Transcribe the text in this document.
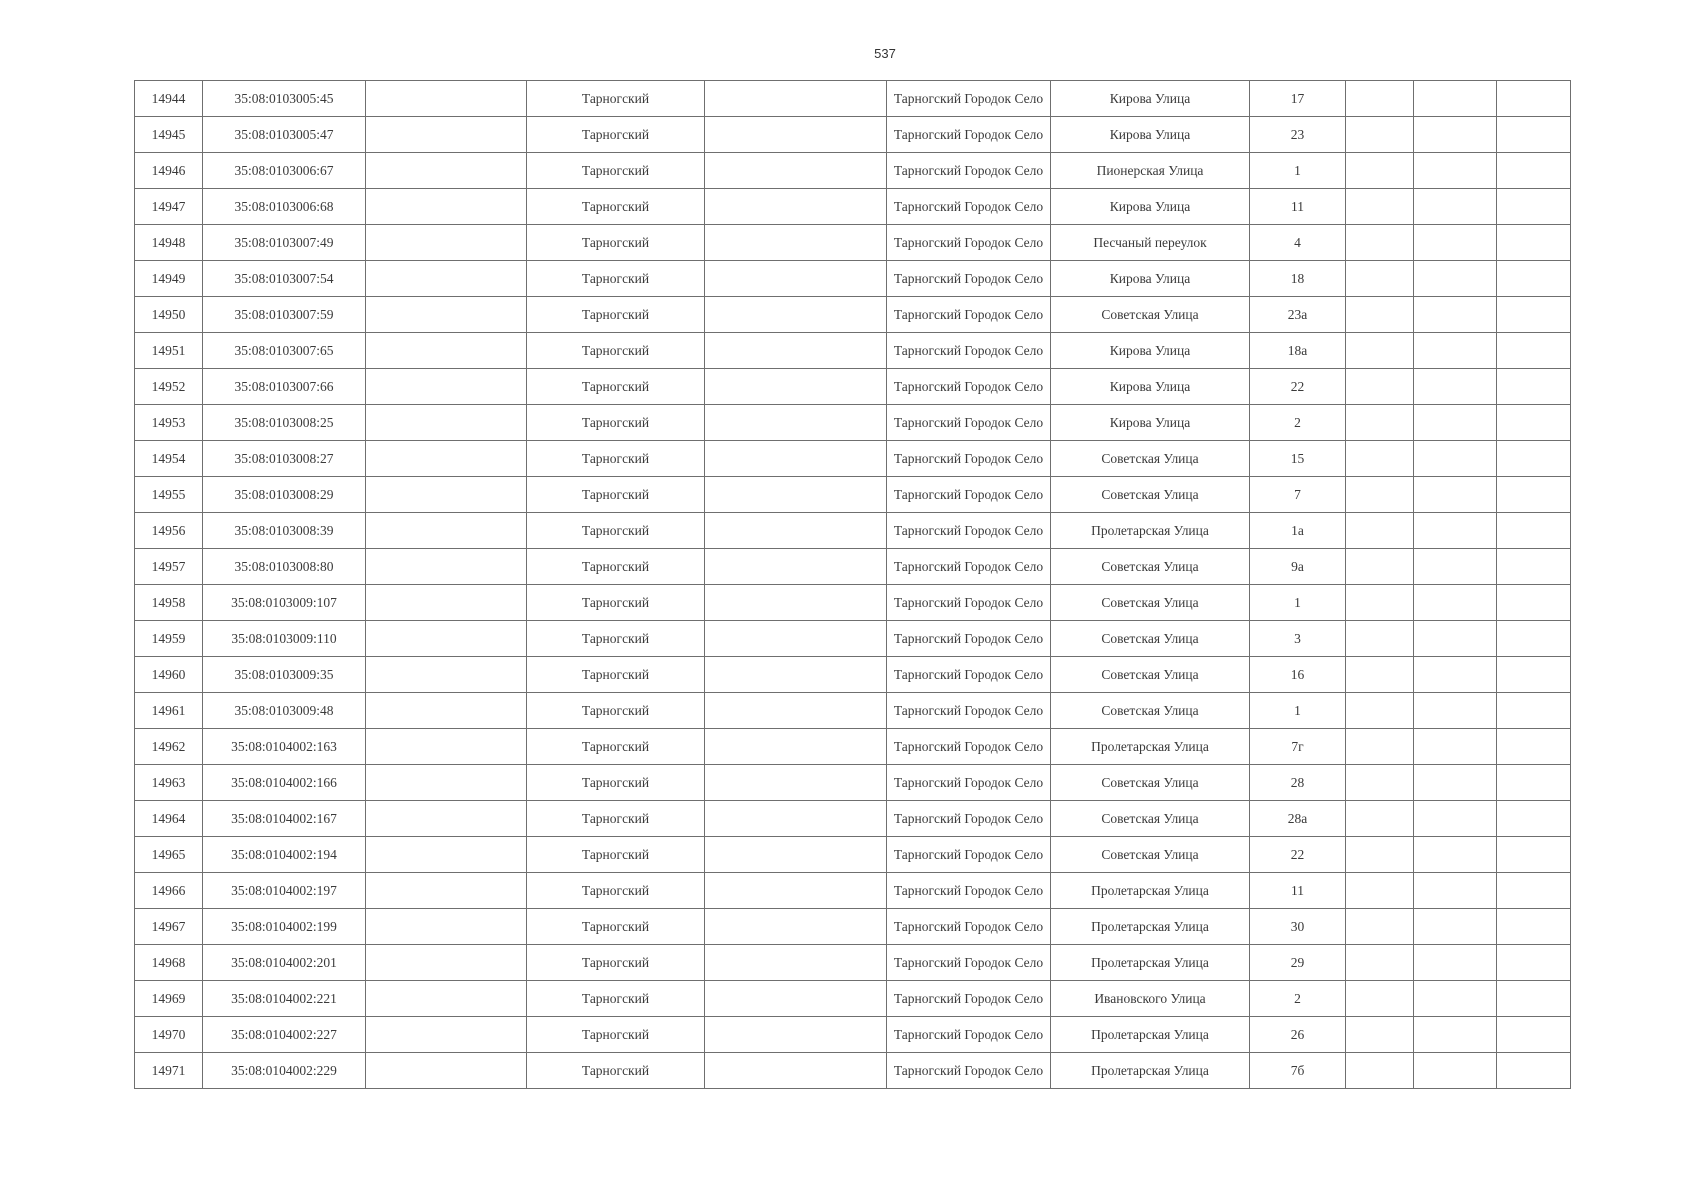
537
14944	35:08:0103005:45		Тарногский		Тарногский Городок Село	Кирова Улица	17			
14945	35:08:0103005:47		Тарногский		Тарногский Городок Село	Кирова Улица	23			
14946	35:08:0103006:67		Тарногский		Тарногский Городок Село	Пионерская Улица	1			
14947	35:08:0103006:68		Тарногский		Тарногский Городок Село	Кирова Улица	11			
14948	35:08:0103007:49		Тарногский		Тарногский Городок Село	Песчаный переулок	4			
14949	35:08:0103007:54		Тарногский		Тарногский Городок Село	Кирова Улица	18			
14950	35:08:0103007:59		Тарногский		Тарногский Городок Село	Советская Улица	23а			
14951	35:08:0103007:65		Тарногский		Тарногский Городок Село	Кирова Улица	18а			
14952	35:08:0103007:66		Тарногский		Тарногский Городок Село	Кирова Улица	22			
14953	35:08:0103008:25		Тарногский		Тарногский Городок Село	Кирова Улица	2			
14954	35:08:0103008:27		Тарногский		Тарногский Городок Село	Советская Улица	15			
14955	35:08:0103008:29		Тарногский		Тарногский Городок Село	Советская Улица	7			
14956	35:08:0103008:39		Тарногский		Тарногский Городок Село	Пролетарская Улица	1а			
14957	35:08:0103008:80		Тарногский		Тарногский Городок Село	Советская Улица	9а			
14958	35:08:0103009:107		Тарногский		Тарногский Городок Село	Советская Улица	1			
14959	35:08:0103009:110		Тарногский		Тарногский Городок Село	Советская Улица	3			
14960	35:08:0103009:35		Тарногский		Тарногский Городок Село	Советская Улица	16			
14961	35:08:0103009:48		Тарногский		Тарногский Городок Село	Советская Улица	1			
14962	35:08:0104002:163		Тарногский		Тарногский Городок Село	Пролетарская Улица	7г			
14963	35:08:0104002:166		Тарногский		Тарногский Городок Село	Советская Улица	28			
14964	35:08:0104002:167		Тарногский		Тарногский Городок Село	Советская Улица	28а			
14965	35:08:0104002:194		Тарногский		Тарногский Городок Село	Советская Улица	22			
14966	35:08:0104002:197		Тарногский		Тарногский Городок Село	Пролетарская Улица	11			
14967	35:08:0104002:199		Тарногский		Тарногский Городок Село	Пролетарская Улица	30			
14968	35:08:0104002:201		Тарногский		Тарногский Городок Село	Пролетарская Улица	29			
14969	35:08:0104002:221		Тарногский		Тарногский Городок Село	Ивановского Улица	2			
14970	35:08:0104002:227		Тарногский		Тарногский Городок Село	Пролетарская Улица	26			
14971	35:08:0104002:229		Тарногский		Тарногский Городок Село	Пролетарская Улица	7б			
